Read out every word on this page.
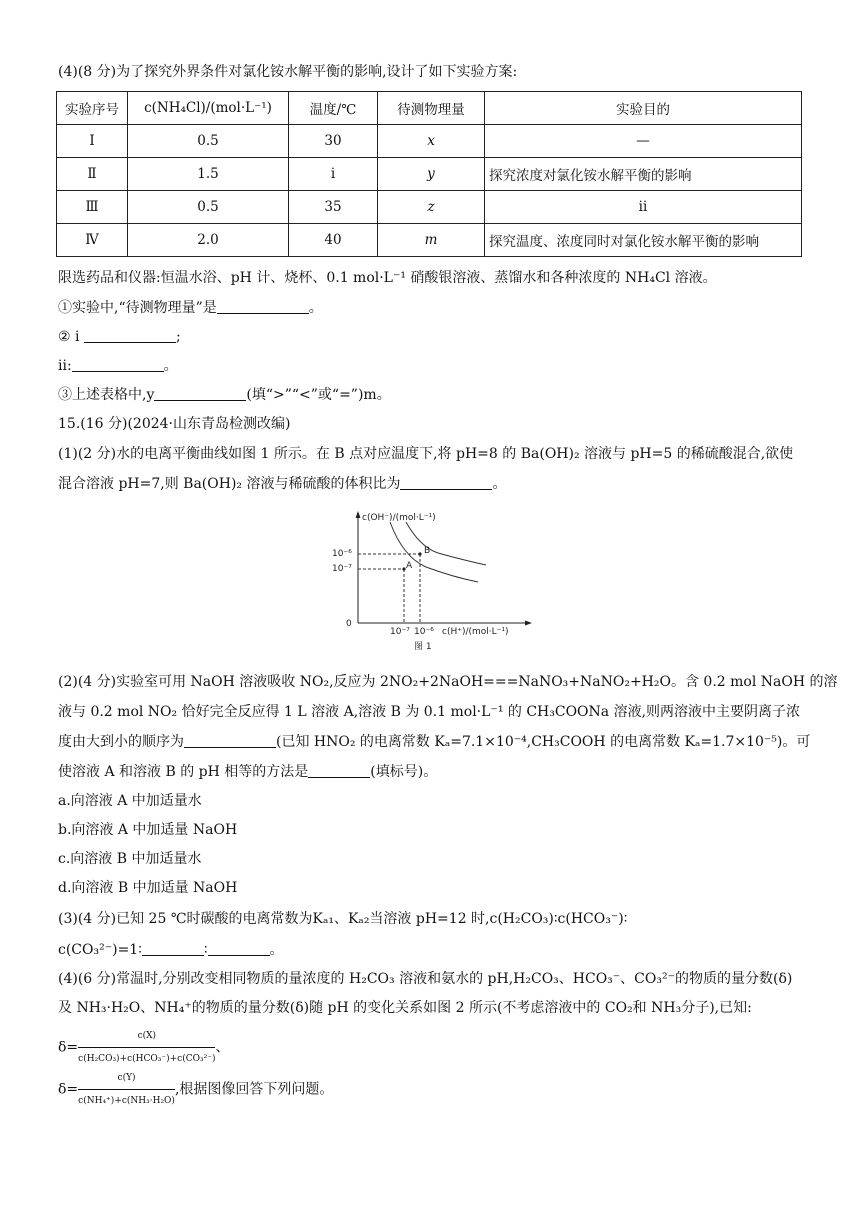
(4)(8 分)为了探究外界条件对氯化铵水解平衡的影响,设计了如下实验方案:
实验序号	c(NH₄Cl)/(mol·L⁻¹)	温度/℃	待测物理量	实验目的
Ⅰ	0.5	30	x	—
Ⅱ	1.5	ⅰ	y	探究浓度对氯化铵水解平衡的影响
Ⅲ	0.5	35	z	ⅱ
Ⅳ	2.0	40	m	探究温度、浓度同时对氯化铵水解平衡的影响
限选药品和仪器:恒温水浴、pH 计、烧杯、0.1 mol·L⁻¹ 硝酸银溶液、蒸馏水和各种浓度的 NH₄Cl 溶液。
①实验中,“待测物理量”是	。
② ⅰ	;
ⅱ:	。
③上述表格中,y	(填“>”“<”或“=”)m。
15.(16 分)(2024·山东青岛检测改编)
(1)(2 分)水的电离平衡曲线如图 1 所示。在 B 点对应温度下,将 pH=8 的 Ba(OH)₂ 溶液与 pH=5 的稀硫酸混合,欲使
混合溶液 pH=7,则 Ba(OH)₂ 溶液与稀硫酸的体积比为	。
c(OH⁻)/(mol·L⁻¹)
10⁻⁶
10⁻⁷
0
10⁻⁷ 10⁻⁶ c(H⁺)/(mol·L⁻¹)
A
B
图 1
(2)(4 分)实验室可用 NaOH 溶液吸收 NO₂,反应为 2NO₂+2NaOH===NaNO₃+NaNO₂+H₂O。含 0.2 mol NaOH 的溶
液与 0.2 mol NO₂ 恰好完全反应得 1 L 溶液 A,溶液 B 为 0.1 mol·L⁻¹ 的 CH₃COONa 溶液,则两溶液中主要阴离子浓
度由大到小的顺序为	(已知 HNO₂ 的电离常数 Kₐ=7.1×10⁻⁴,CH₃COOH 的电离常数 Kₐ=1.7×10⁻⁵)。可
使溶液 A 和溶液 B 的 pH 相等的方法是	(填标号)。
a.向溶液 A 中加适量水
b.向溶液 A 中加适量 NaOH
c.向溶液 B 中加适量水
d.向溶液 B 中加适量 NaOH
(3)(4 分)已知 25 ℃时碳酸的电离常数为Kₐ₁、Kₐ₂当溶液 pH=12 时,c(H₂CO₃)∶c(HCO₃⁻)∶
c(CO₃²⁻)=1∶	∶	。
(4)(6 分)常温时,分别改变相同物质的量浓度的 H₂CO₃ 溶液和氨水的 pH,H₂CO₃、HCO₃⁻、CO₃²⁻的物质的量分数(δ)
及 NH₃·H₂O、NH₄⁺的物质的量分数(δ)随 pH 的变化关系如图 2 所示(不考虑溶液中的 CO₂和 NH₃分子),已知:
$\delta= \frac{c(X)}{\text{c(H₂CO₃)+c(HCO₃⁻)+c(CO₃²⁻)}}$ 、
$\delta= \frac{c(Y)}{\text{c(NH₄⁺)+c(NH₃·H₂O)}}$ ,根据图像回答下列问题。
